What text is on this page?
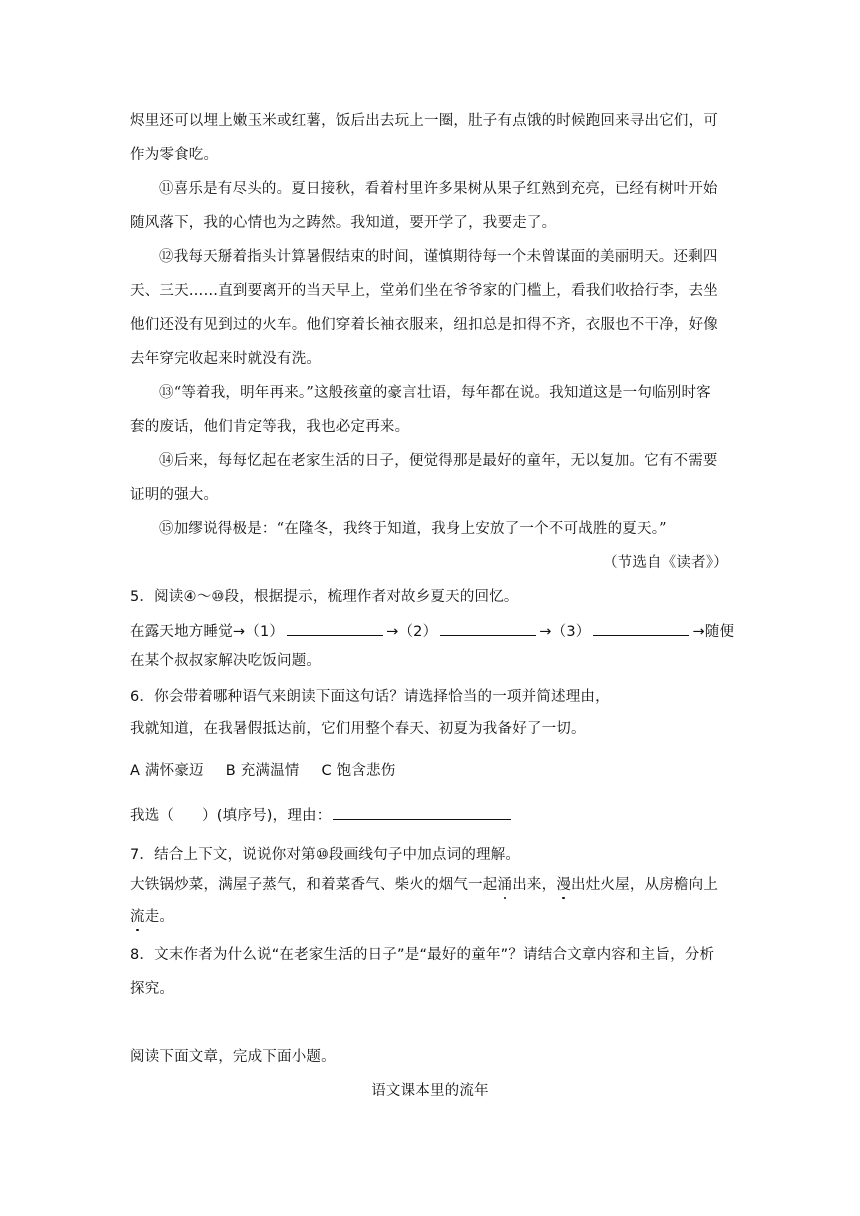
烬里还可以埋上嫩玉米或红薯，饭后出去玩上一圈，肚子有点饿的时候跑回来寻出它们，可
作为零食吃。
⑪喜乐是有尽头的。夏日接秋，看着村里许多果树从果子红熟到充亮，已经有树叶开始
随风落下，我的心情也为之踌然。我知道，要开学了，我要走了。
⑫我每天掰着指头计算暑假结束的时间，谨慎期待每一个未曾谋面的美丽明天。还剩四
天、三天……直到要离开的当天早上，堂弟们坐在爷爷家的门槛上，看我们收拾行李，去坐
他们还没有见到过的火车。他们穿着长袖衣服来，纽扣总是扣得不齐，衣服也不干净，好像
去年穿完收起来时就没有洗。
⑬“等着我，明年再来。”这般孩童的豪言壮语，每年都在说。我知道这是一句临别时客
套的废话，他们肯定等我，我也必定再来。
⑭后来，每每忆起在老家生活的日子，便觉得那是最好的童年，无以复加。它有不需要
证明的强大。
⑮加缪说得极是：“在隆冬，我终于知道，我身上安放了一个不可战胜的夏天。”
（节选自《读者》）
5．阅读④～⑩段，根据提示，梳理作者对故乡夏天的回忆。
在露天地方睡觉→（1）	→（2）	→（3）	→随便
在某个叔叔家解决吃饭问题。
6．你会带着哪种语气来朗读下面这句话？请选择恰当的一项并简述理由，
我就知道，在我暑假抵达前，它们用整个春天、初夏为我备好了一切。
A 满怀豪迈 B 充满温情 C 饱含悲伤
我选（ ）(填序号)，理由：
7．结合上下文，说说你对第⑩段画线句子中加点词的理解。
大铁锅炒菜，满屋子蒸气，和着菜香气、柴火的烟气一起涌出来，漫出灶火屋，从房檐向上
流走。
8．文末作者为什么说“在老家生活的日子”是“最好的童年”？请结合文章内容和主旨，分析
探究。
阅读下面文章，完成下面小题。
语文课本里的流年
